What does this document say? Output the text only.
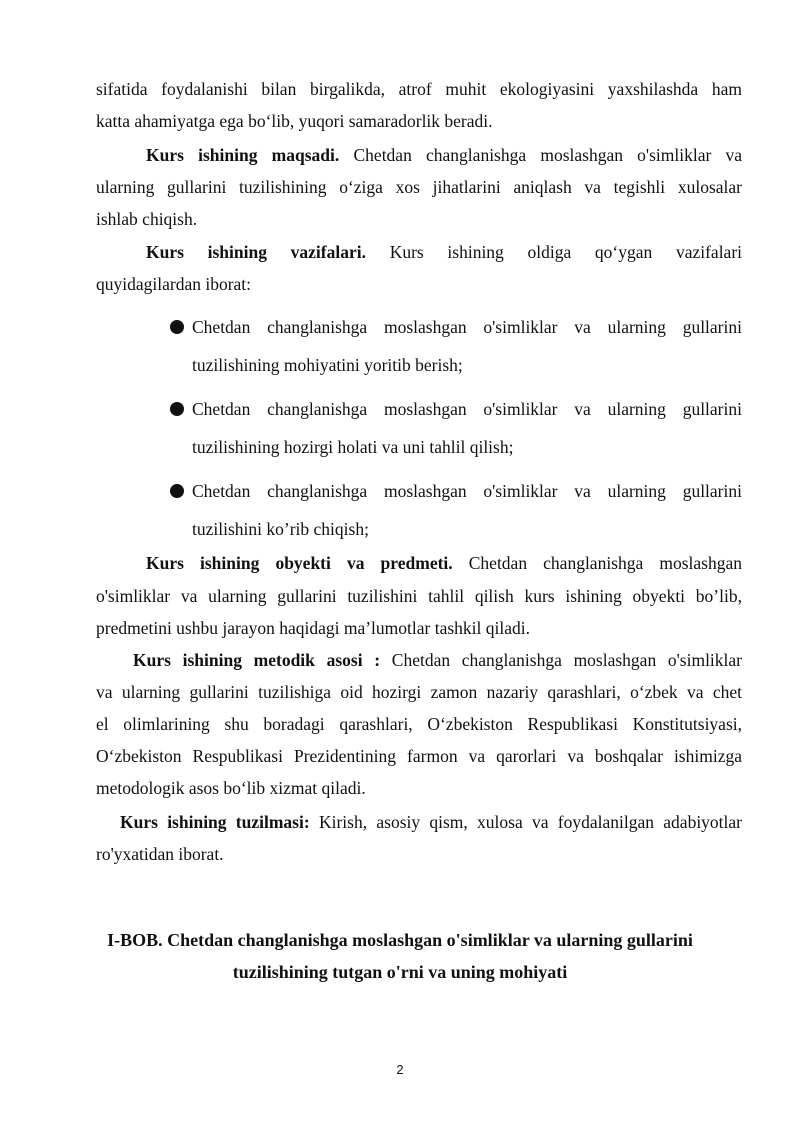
sifatida foydalanishi bilan birgalikda, atrof muhit ekologiyasini yaxshilashda ham
katta ahamiyatga ega bo‘lib, yuqori samaradorlik beradi.
Kurs ishining maqsadi. Chetdan changlanishga moslashgan o'simliklar va
ularning gullarini tuzilishining o‘ziga xos jihatlarini aniqlash va tegishli xulosalar
ishlab chiqish.
Kurs ishining vazifalari. Kurs ishining oldiga qo‘ygan vazifalari
quyidagilardan iborat:
Chetdan changlanishga moslashgan o'simliklar va ularning gullarini
tuzilishining mohiyatini yoritib berish;
Chetdan changlanishga moslashgan o'simliklar va ularning gullarini
tuzilishining hozirgi holati va uni tahlil qilish;
Chetdan changlanishga moslashgan o'simliklar va ularning gullarini
tuzilishini ko’rib chiqish;
Kurs ishining obyekti va predmeti. Chetdan changlanishga moslashgan
o'simliklar va ularning gullarini tuzilishini tahlil qilish kurs ishining obyekti bo’lib,
predmetini ushbu jarayon haqidagi ma’lumotlar tashkil qiladi.
Kurs ishining metodik asosi : Chetdan changlanishga moslashgan o'simliklar
va ularning gullarini tuzilishiga oid hozirgi zamon nazariy qarashlari, o‘zbek va chet
el olimlarining shu boradagi qarashlari, O‘zbekiston Respublikasi Konstitutsiyasi,
O‘zbekiston Respublikasi Prezidentining farmon va qarorlari va boshqalar ishimizga
metodologik asos bo‘lib xizmat qiladi.
Kurs ishining tuzilmasi: Kirish, asosiy qism, xulosa va foydalanilgan adabiyotlar
ro'yxatidan iborat.
I-BOB. Chetdan changlanishga moslashgan o'simliklar va ularning gullarini
tuzilishining tutgan o'rni va uning mohiyati
2
